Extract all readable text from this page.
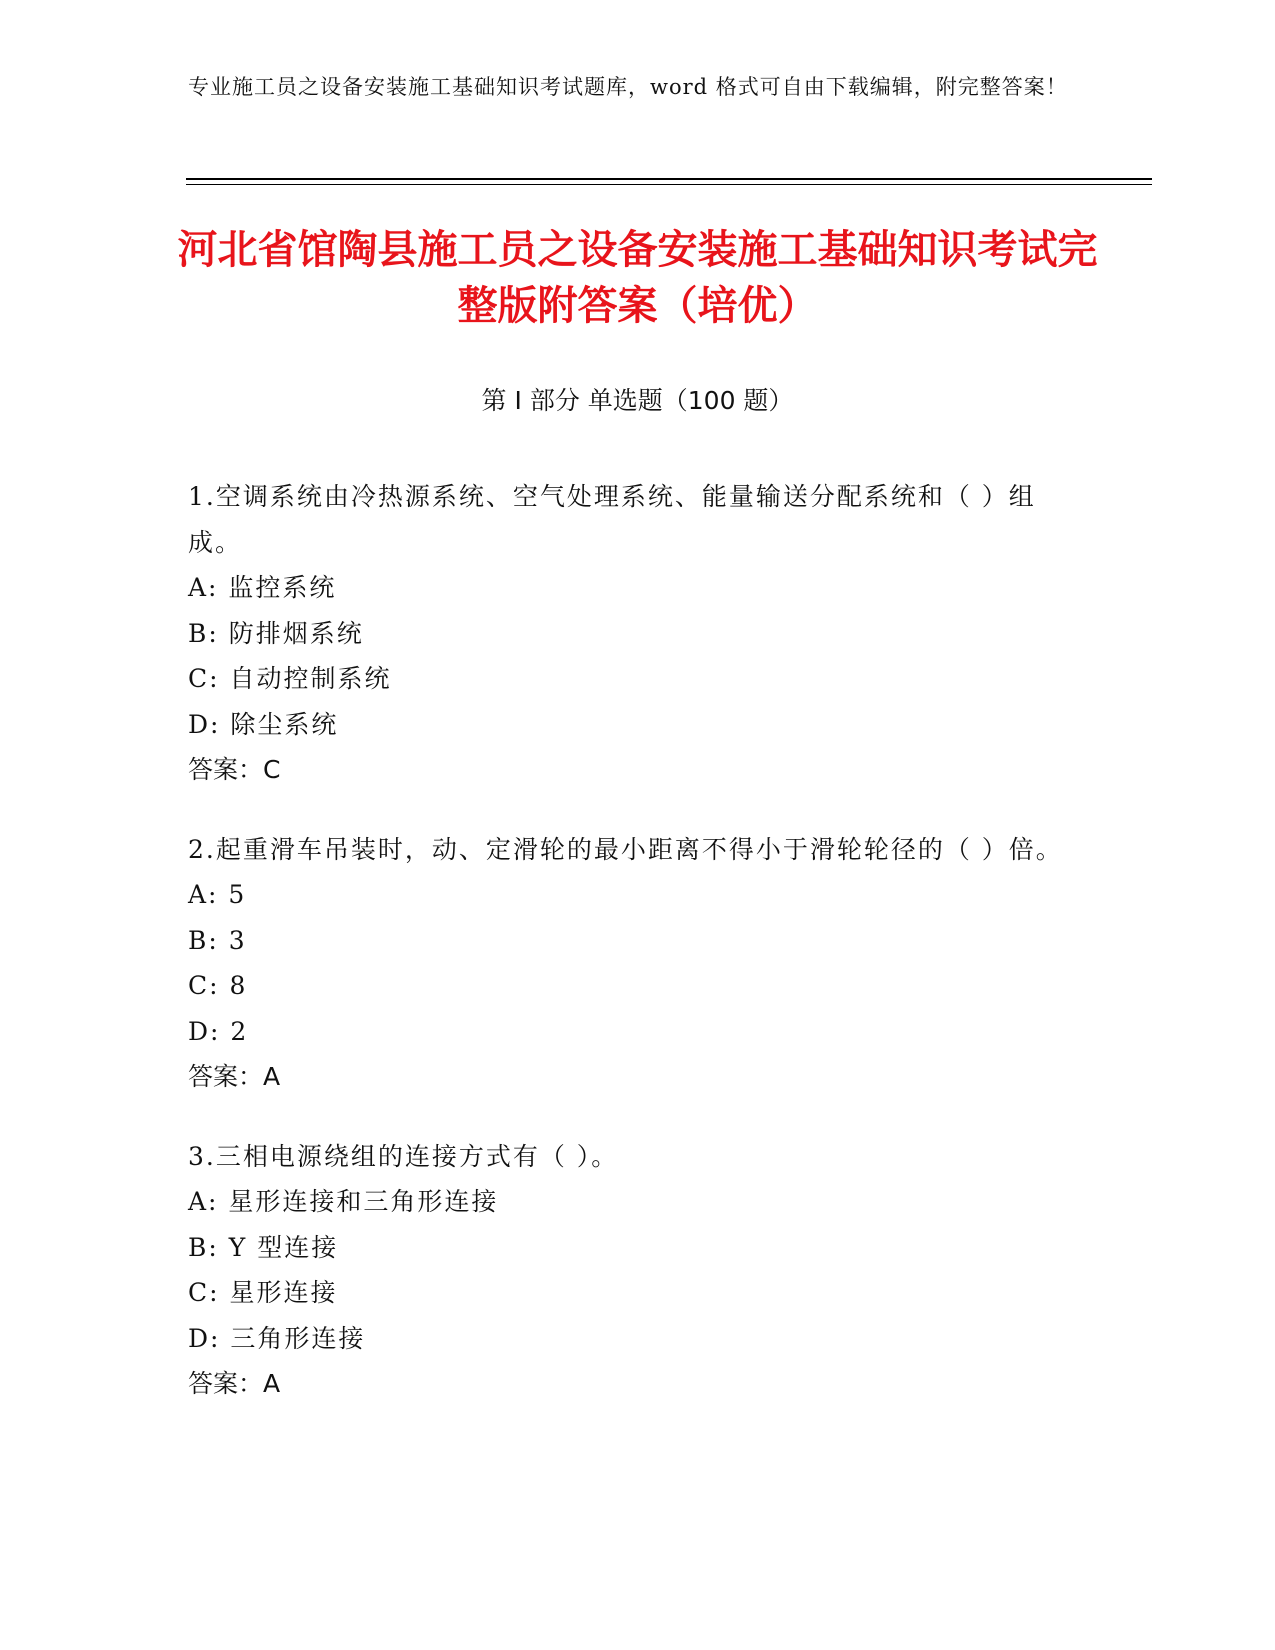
专业施工员之设备安装施工基础知识考试题库，word 格式可自由下载编辑，附完整答案！
河北省馆陶县施工员之设备安装施工基础知识考试完整版附答案（培优）
第 I 部分 单选题（100 题）
1.空调系统由冷热源系统、空气处理系统、能量输送分配系统和（ ）组成。
A: 监控系统
B: 防排烟系统
C: 自动控制系统
D: 除尘系统
答案：C
2.起重滑车吊装时，动、定滑轮的最小距离不得小于滑轮轮径的（ ）倍。
A: 5
B: 3
C: 8
D: 2
答案：A
3.三相电源绕组的连接方式有（ ）。
A: 星形连接和三角形连接
B: Y 型连接
C: 星形连接
D: 三角形连接
答案：A
